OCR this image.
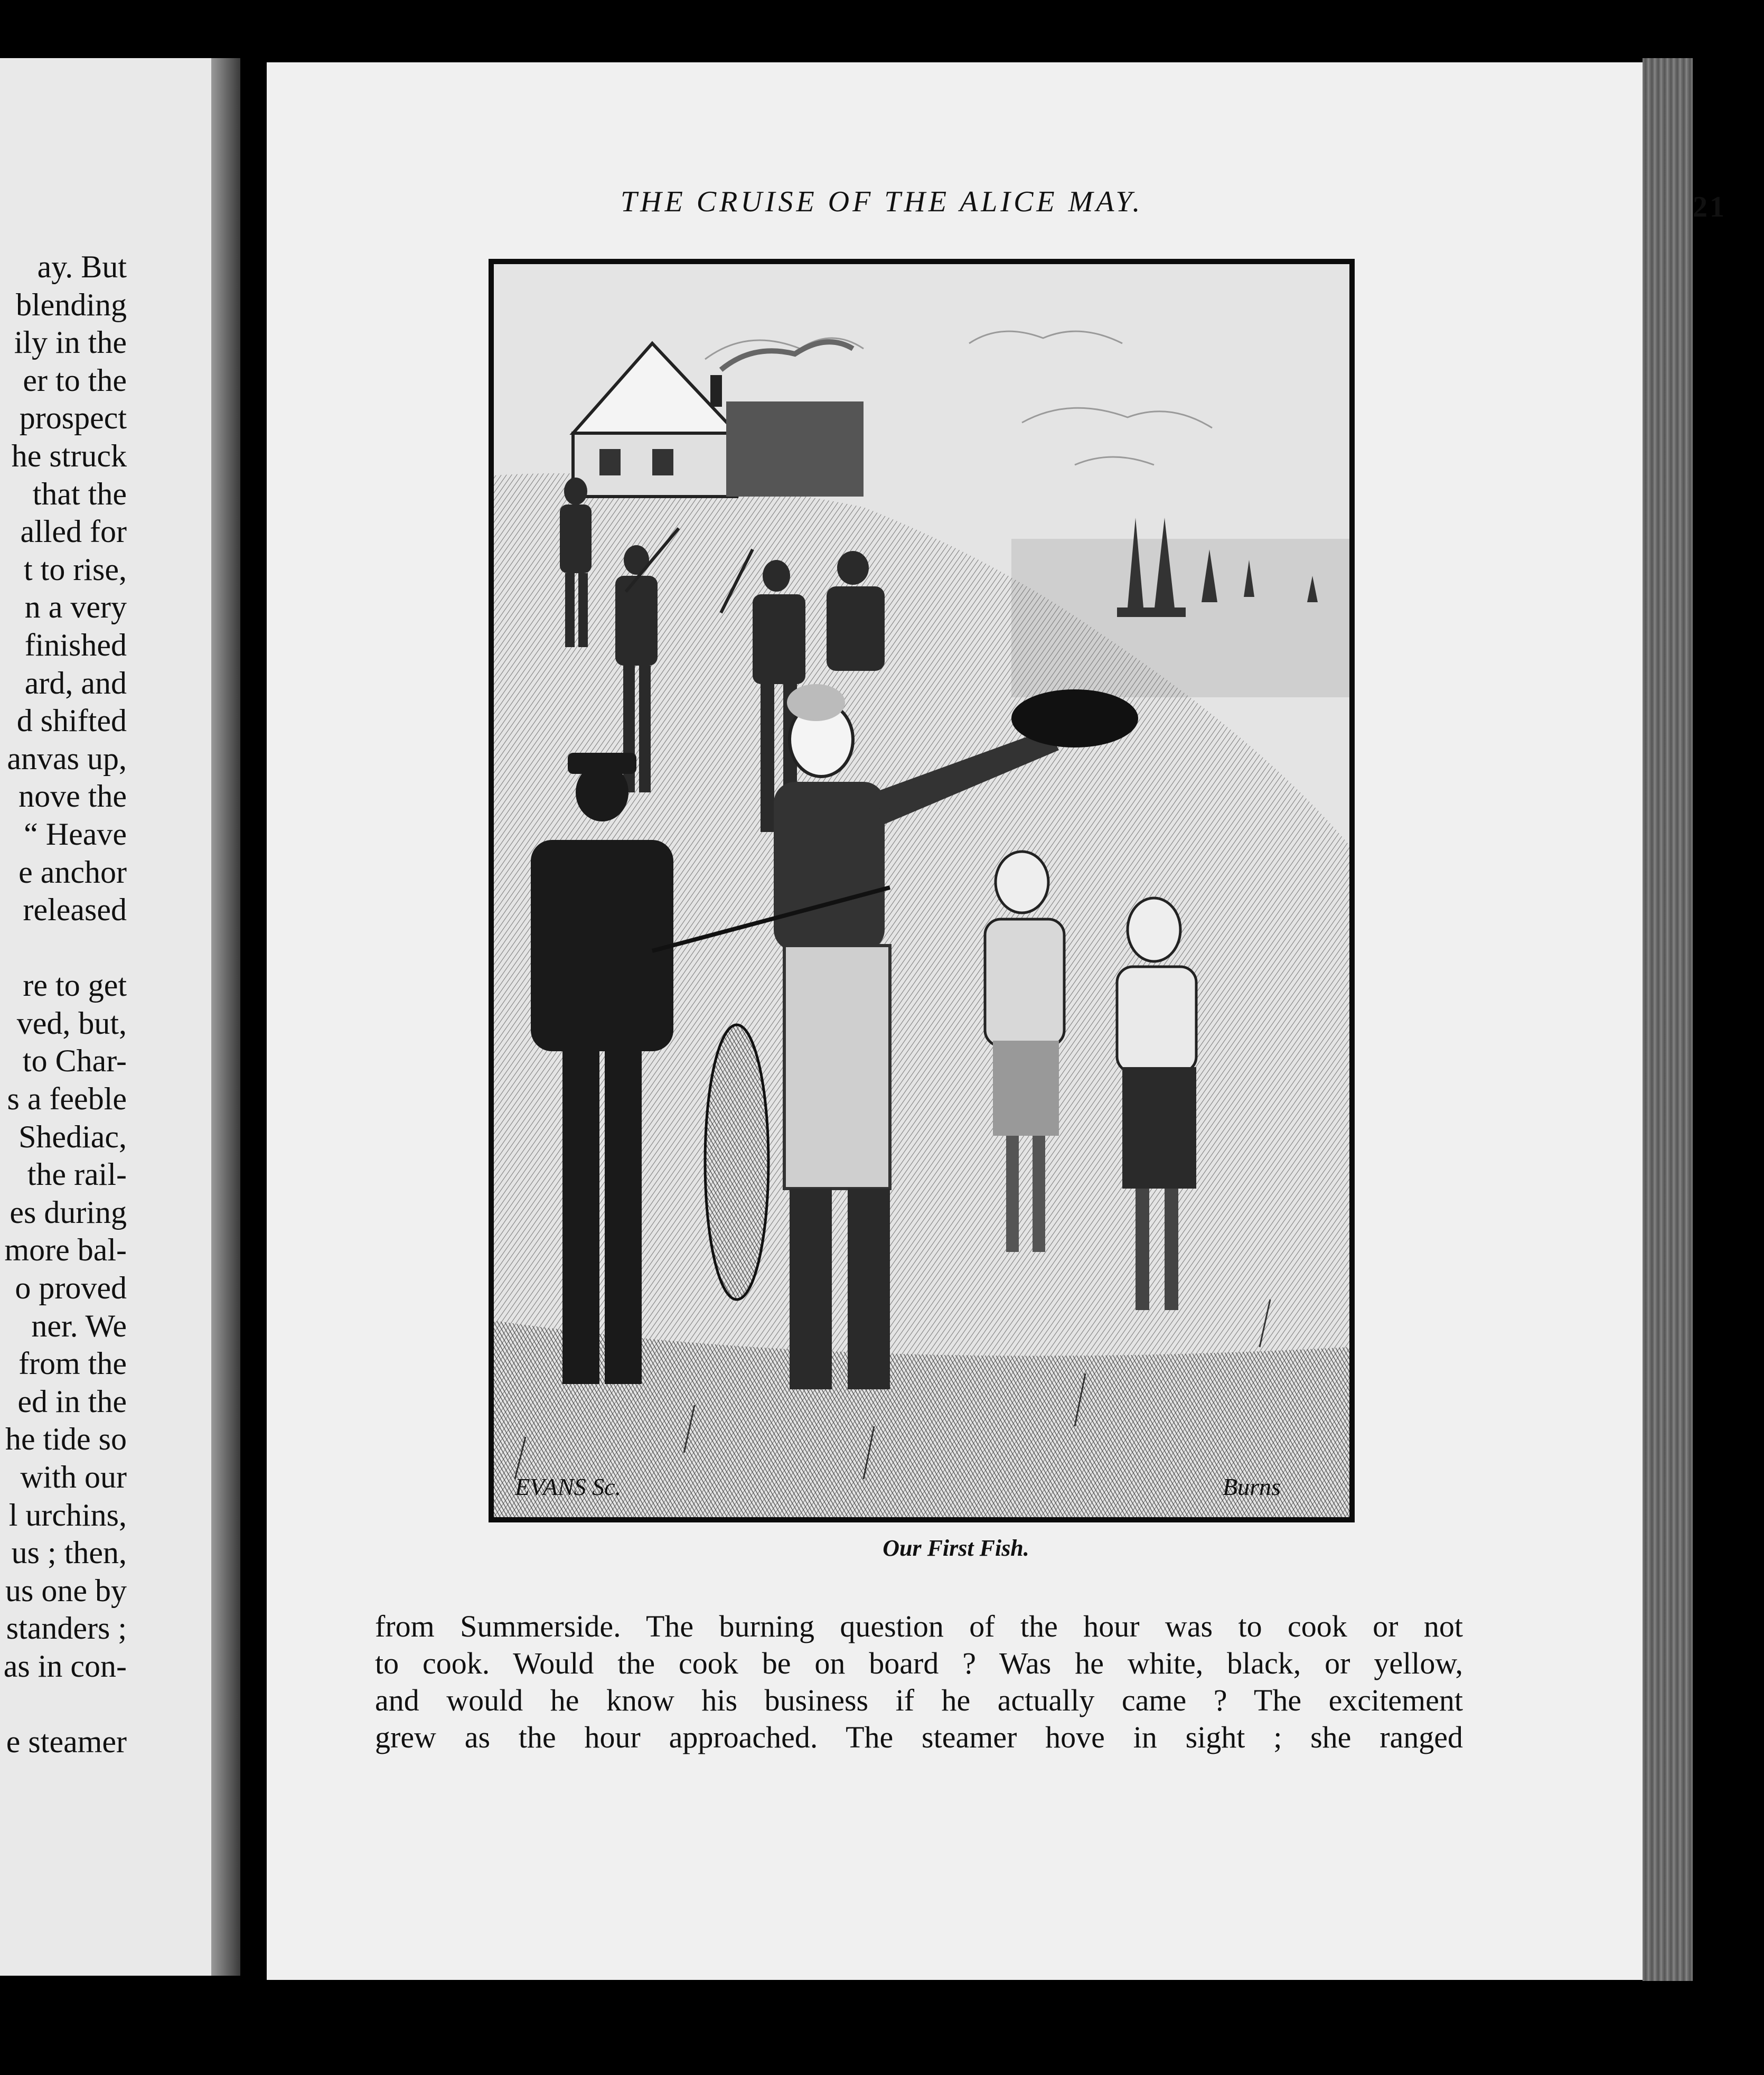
ay. But
blending
ily in the
er to the
prospect
he struck
that the
alled for
t to rise,
n a very
finished
ard, and
d shifted
anvas up,
nove the
“ Heave
e anchor
released
re to get
ved, but,
to Char-
s a feeble
Shediac,
the rail-
es during
more bal-
o proved
ner. We
from the
ed in the
he tide so
with our
l urchins,
us ; then,
us one by
standers ;
as in con-
e steamer
THE CRUISE OF THE ALICE MAY.	21
EVANS Sc.	Burns
Our First Fish.
from Summerside. The burning question of the hour was to cook or not
to cook. Would the cook be on board ? Was he white, black, or yellow,
and would he know his business if he actually came ? The excitement
grew as the hour approached. The steamer hove in sight ; she ranged
